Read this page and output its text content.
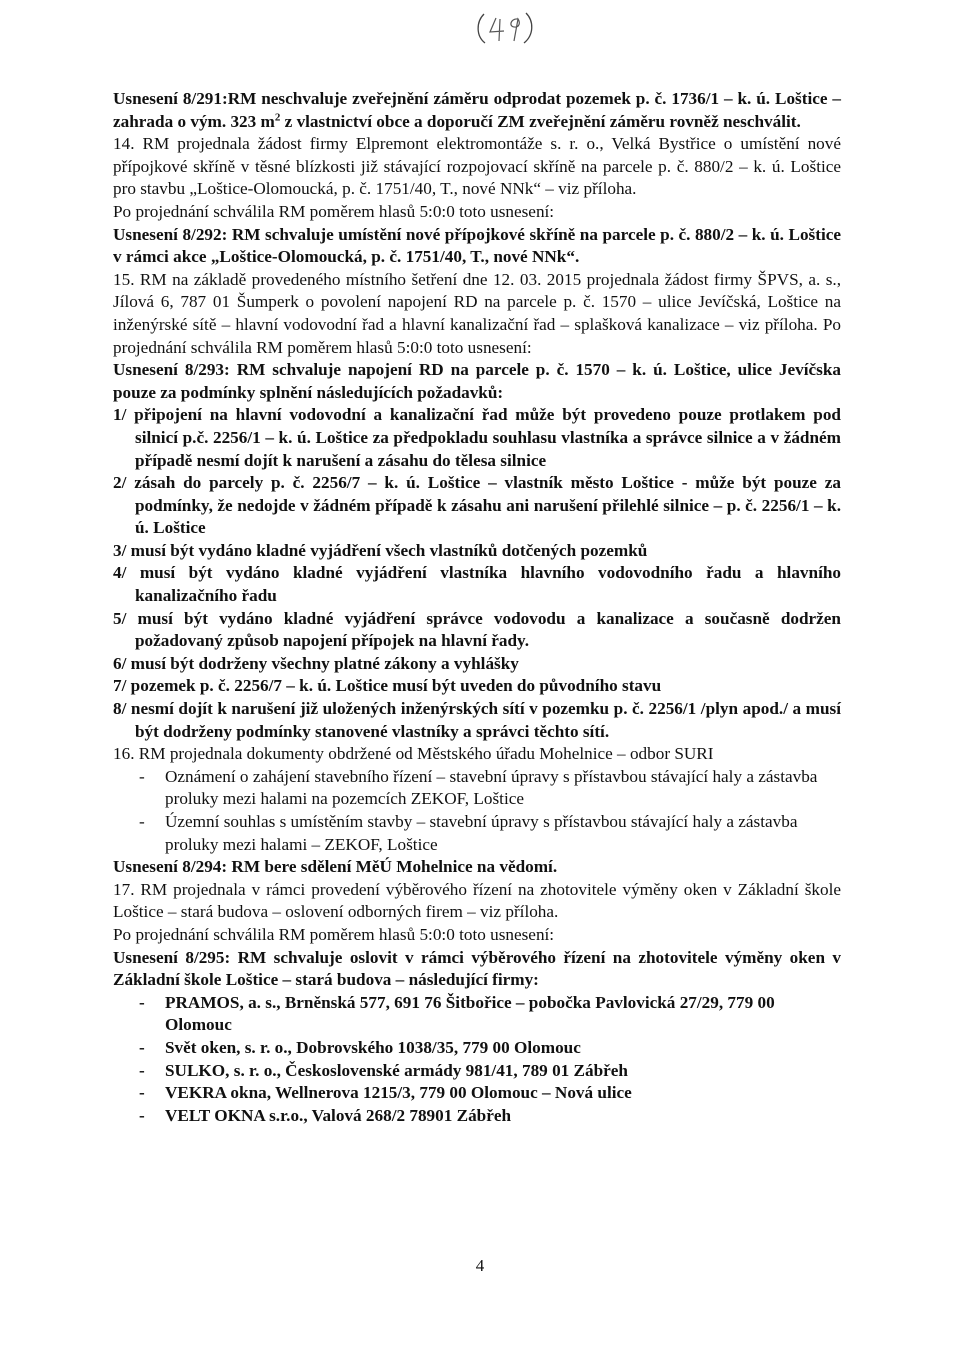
Usnesení 8/291:RM neschvaluje zveřejnění záměru odprodat pozemek p. č. 1736/1 – k. ú. Loštice – zahrada o vým. 323 $m^2$ z vlastnictví obce a doporučí ZM zveřejnění záměru rovněž neschválit.

14. RM projednala žádost firmy Elpremont elektromontáže s. r. o., Velká Bystřice o umístění nové přípojkové skříně v těsné blízkosti již stávající rozpojovací skříně na parcele p. č. 880/2 – k. ú. Loštice pro stavbu „Loštice-Olomoucká, p. č. 1751/40, T., nové NNk“ – viz příloha.

Po projednání schválila RM poměrem hlasů 5:0:0 toto usnesení:

Usnesení 8/292: RM schvaluje umístění nové přípojkové skříně na parcele p. č. 880/2 – k. ú. Loštice v rámci akce „Loštice-Olomoucká, p. č. 1751/40, T., nové NNk“.

15. RM na základě provedeného místního šetření dne 12. 03. 2015 projednala žádost firmy ŠPVS, a. s., Jílová 6, 787 01 Šumperk o povolení napojení RD na parcele p. č. 1570 – ulice Jevíčská, Loštice na inženýrské sítě – hlavní vodovodní řad a hlavní kanalizační řad – splašková kanalizace – viz příloha. Po projednání schválila RM poměrem hlasů 5:0:0 toto usnesení:

Usnesení 8/293: RM schvaluje napojení RD na parcele p. č. 1570 – k. ú. Loštice, ulice Jevíčska pouze za podmínky splnění následujících požadavků:

1/ připojení na hlavní vodovodní a kanalizační řad může být provedeno pouze protlakem pod silnicí p.č. 2256/1 – k. ú. Loštice za předpokladu souhlasu vlastníka a správce silnice a v žádném případě nesmí dojít k narušení a zásahu do tělesa silnice

2/ zásah do parcely p. č. 2256/7 – k. ú. Loštice – vlastník město Loštice - může být pouze za podmínky, že nedojde v žádném případě k zásahu ani narušení přilehlé silnice – p. č. 2256/1 – k. ú. Loštice

3/ musí být vydáno kladné vyjádření všech vlastníků dotčených pozemků

4/ musí být vydáno kladné vyjádření vlastníka hlavního vodovodního řadu a hlavního kanalizačního řadu

5/ musí být vydáno kladné vyjádření správce vodovodu a kanalizace a současně dodržen požadovaný způsob napojení přípojek na hlavní řady.

6/ musí být dodrženy všechny platné zákony a vyhlášky

7/ pozemek p. č. 2256/7 – k. ú. Loštice musí být uveden do původního stavu

8/ nesmí dojít k narušení již uložených inženýrských sítí v pozemku p. č. 2256/1 /plyn apod./ a musí být dodrženy podmínky stanovené vlastníky a správci těchto sítí.

16. RM projednala dokumenty obdržené od Městského úřadu Mohelnice – odbor SURI

- Oznámení o zahájení stavebního řízení – stavební úpravy s přístavbou stávající haly a zástavba proluky mezi halami na pozemcích ZEKOF, Loštice
- Územní souhlas s umístěním stavby – stavební úpravy s přístavbou stávající haly a zástavba proluky mezi halami – ZEKOF, Loštice

Usnesení 8/294: RM bere sdělení MěÚ Mohelnice na vědomí.

17. RM projednala v rámci provedení výběrového řízení na zhotovitele výměny oken v Základní škole Loštice – stará budova – oslovení odborných firem – viz příloha.

Po projednání schválila RM poměrem hlasů 5:0:0 toto usnesení:

Usnesení 8/295: RM schvaluje oslovit v rámci výběrového řízení na zhotovitele výměny oken v Základní škole Loštice – stará budova – následující firmy:

- PRAMOS, a. s., Brněnská 577, 691 76 Šitbořice – pobočka Pavlovická 27/29, 779 00 Olomouc
- Svět oken, s. r. o., Dobrovského 1038/35, 779 00 Olomouc
- SULKO, s. r. o., Československé armády 981/41, 789 01 Zábřeh
- VEKRA okna, Wellnerova 1215/3, 779 00 Olomouc – Nová ulice
- VELT OKNA s.r.o., Valová 268/2 78901 Zábřeh
4
